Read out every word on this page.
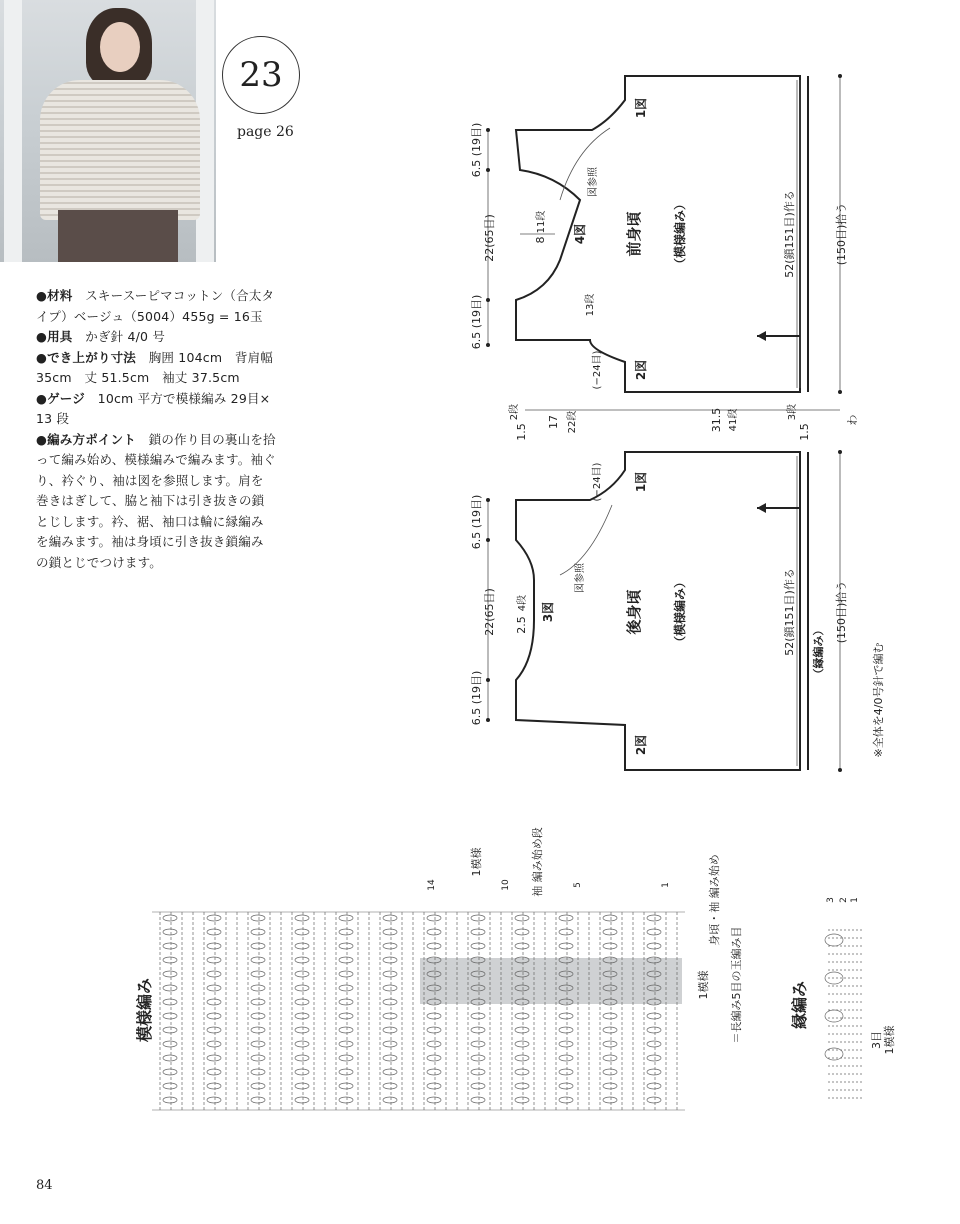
23
page 26

●材料　 スキースーピマコットン（合太タイプ）ベージュ（5004）455g = 16玉

●用具　 かぎ針 4/0 号

●でき上がり寸法　 胸囲 104cm　背肩幅 35cm　丈 51.5cm　袖丈 37.5cm

●ゲージ　 10cm 平方で模様編み 29目× 13 段

●編み方ポイント　 鎖の作り目の裏山を拾って編み始め、模様編みで編みます。袖ぐり、衿ぐり、袖は図を参照します。肩を巻きはぎして、脇と袖下は引き抜きの鎖とじします。衿、裾、袖口は輪に縁編みを編みます。袖は身頃に引き抜き鎖編みの鎖とじでつけます。

1図
2図
4図	前身頃	（模様編み）
図参照
22(65目)
6.5 (19目)
6.5 (19目)
8
11段
13段
(−24目)
52(鎖151目)作る	(150目)拾う
1.5
2段
17 22段	31.5 41段
1.5
3段	わ
1図
2図
3図	後身頃	（模様編み）
図参照
22(65目)
6.5 (19目)
6.5 (19目)
2.5
4段
(−24目)
52(鎖151目)作る	(150目)拾う
（縁編み）	※全体を4/0号針で編む
模様編み
1模様	袖 編み始め段	身頃・袖 編み始め
1模様 ＝長編み5目の玉編み目
14	10	5	1
縁編み
3目 1模様
3 2 1
84
